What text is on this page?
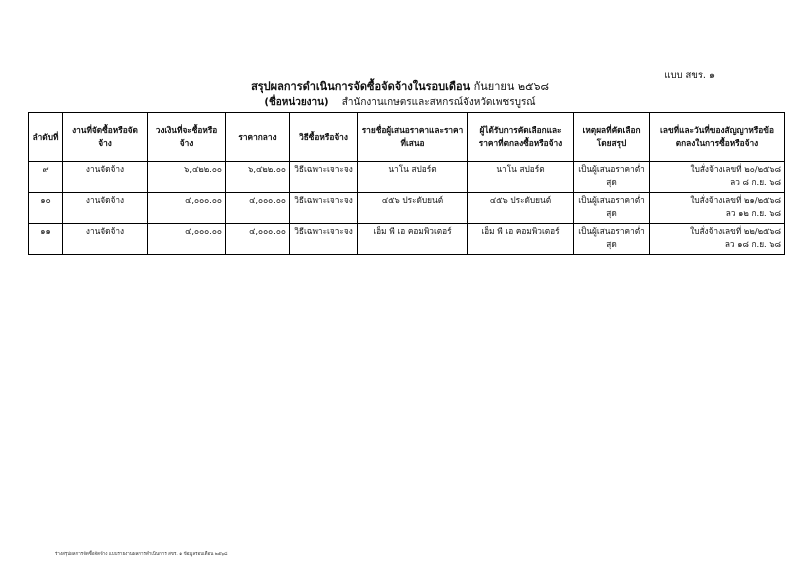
แบบ สขร. ๑
สรุปผลการดำเนินการจัดซื้อจัดจ้างในรอบเดือน กันยายน ๒๕๖๘
(ชื่อหน่วยงาน) สำนักงานเกษตรและสหกรณ์จังหวัดเพชรบูรณ์
ลำดับที่	งานที่จัดซื้อหรือจัดจ้าง	วงเงินที่จะซื้อหรือจ้าง	ราคากลาง	วิธีซื้อหรือจ้าง	รายชื่อผู้เสนอราคาและราคาที่เสนอ	ผู้ได้รับการคัดเลือกและราคาที่ตกลงซื้อหรือจ้าง	เหตุผลที่คัดเลือกโดยสรุป	เลขที่และวันที่ของสัญญาหรือข้อตกลงในการซื้อหรือจ้าง
๙	งานจัดจ้าง	๖,๔๒๒.๐๐	๖,๔๒๒.๐๐	วิธีเฉพาะเจาะจง	นาโน สปอร์ต	นาโน สปอร์ต	เป็นผู้เสนอราคาต่ำสุด	ใบสั่งจ้างเลขที่ ๒๐/๒๕๖๘
ลว ๘ ก.ย. ๖๘

๑๐	งานจัดจ้าง	๔,๐๐๐.๐๐	๔,๐๐๐.๐๐	วิธีเฉพาะเจาะจง	๔๕๖ ประดับยนต์	๔๕๖ ประดับยนต์	เป็นผู้เสนอราคาต่ำสุด	ใบสั่งจ้างเลขที่ ๒๑/๒๕๖๘
ลว ๑๒ ก.ย. ๖๘

๑๑	งานจัดจ้าง	๔,๐๐๐.๐๐	๔,๐๐๐.๐๐	วิธีเฉพาะเจาะจง	เอ็ม พี เอ คอมพิวเตอร์	เอ็ม พี เอ คอมพิวเตอร์	เป็นผู้เสนอราคาต่ำสุด	ใบสั่งจ้างเลขที่ ๒๒/๒๕๖๘
ลว ๑๘ ก.ย. ๖๘
ร่างสรุปผลการจัดซื้อจัดจ้าง แบบรายงานผลการดำเนินการ สขร. ๑ ข้อมูลรอบเดือน ๒๕๖๘
